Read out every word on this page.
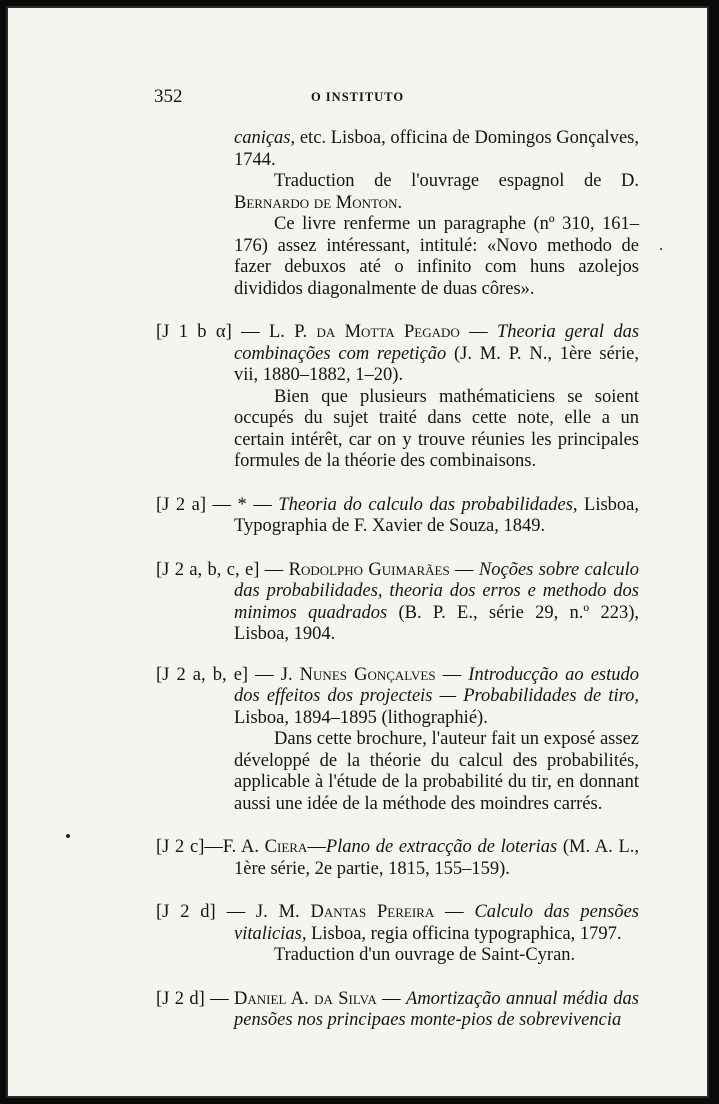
·
352	O INSTITUTO

caniças, etc. Lisboa, officina de Domingos Gonçalves, 1744.

Traduction de l'ouvrage espagnol de D. Bernardo de Monton.

Ce livre renferme un paragraphe (nº 310, 161–176) assez intéressant, intitulé: «Novo methodo de fazer debuxos até o infinito com huns azolejos divididos diagonalmente de duas côres».

[J 1 b α] — L. P. da Motta Pegado — Theoria geral das combinações com repetição (J. M. P. N., 1ère série, vii, 1880–1882, 1–20).

Bien que plusieurs mathématiciens se soient occupés du sujet traité dans cette note, elle a un certain intérêt, car on y trouve réunies les principales formules de la théorie des combinaisons.

[J 2 a] — * — Theoria do calculo das probabilidades, Lisboa, Typographia de F. Xavier de Souza, 1849.

[J 2 a, b, c, e] — Rodolpho Guimarães — Noções sobre calculo das probabilidades, theoria dos erros e methodo dos minimos quadrados (B. P. E., série 29, n.º 223), Lisboa, 1904.

[J 2 a, b, e] — J. Nunes Gonçalves — Introducção ao estudo dos effeitos dos projecteis — Probabilidades de tiro, Lisboa, 1894–1895 (lithographié).

Dans cette brochure, l'auteur fait un exposé assez développé de la théorie du calcul des probabilités, applicable à l'étude de la probabilité du tir, en donnant aussi une idée de la méthode des moindres carrés.

[J 2 c]—F. A. Ciera—Plano de extracção de loterias (M. A. L., 1ère série, 2e partie, 1815, 155–159).

[J 2 d] — J. M. Dantas Pereira — Calculo das pensões vitalicias, Lisboa, regia officina typographica, 1797.

Traduction d'un ouvrage de Saint-Cyran.

[J 2 d] — Daniel A. da Silva — Amortização annual média das pensões nos principaes monte-pios de sobrevivencia
